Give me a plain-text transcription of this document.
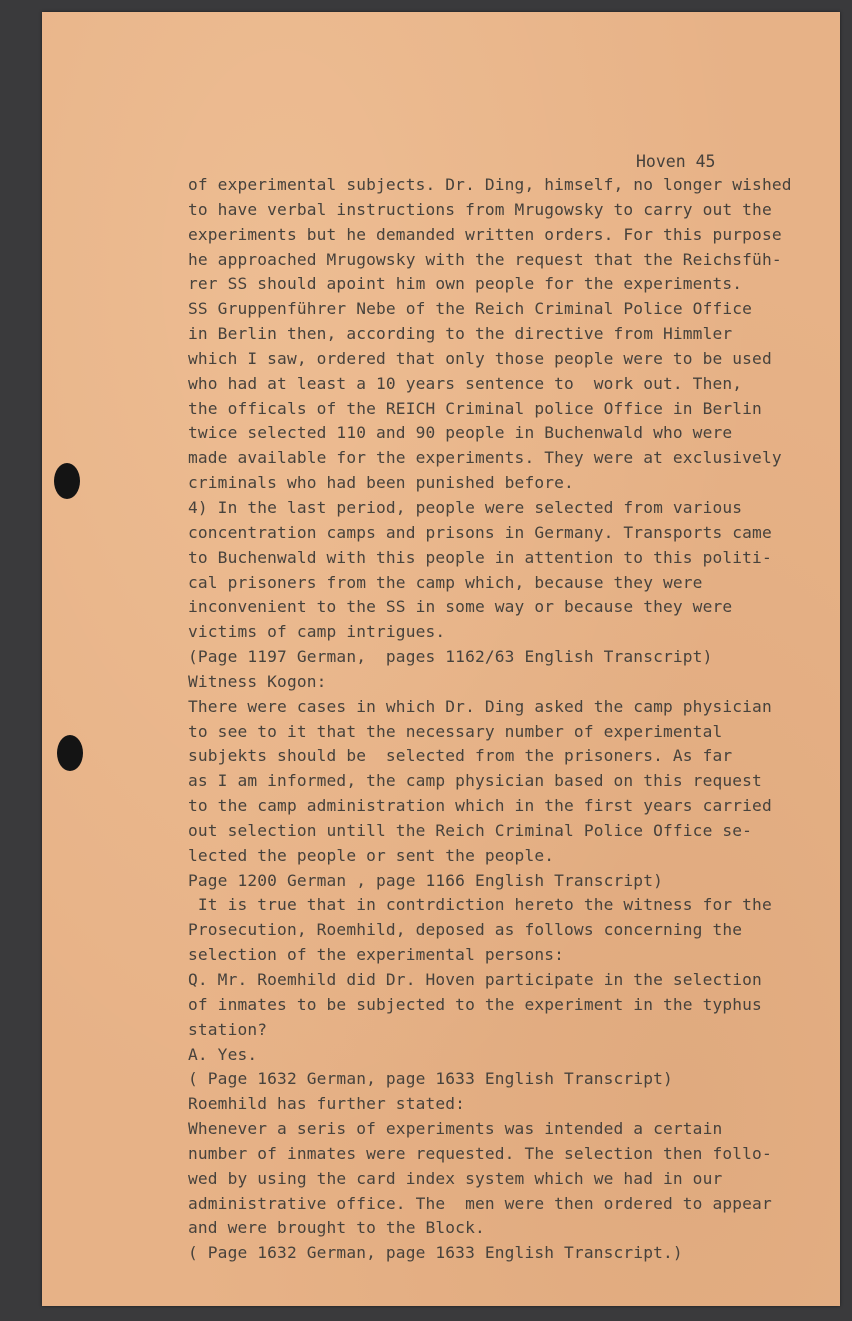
Hoven 45
of experimental subjects. Dr. Ding, himself, no longer wished
to have verbal instructions from Mrugowsky to carry out the
experiments but he demanded written orders. For this purpose
he approached Mrugowsky with the request that the Reichsfüh-
rer SS should apoint him own people for the experiments.
SS Gruppenführer Nebe of the Reich Criminal Police Office
in Berlin then, according to the directive from Himmler
which I saw, ordered that only those people were to be used
who had at least a 10 years sentence to  work out. Then,
the officals of the REICH Criminal police Office in Berlin
twice selected 110 and 90 people in Buchenwald who were
made available for the experiments. They were at exclusively
criminals who had been punished before.
4) In the last period, people were selected from various
concentration camps and prisons in Germany. Transports came
to Buchenwald with this people in attention to this politi-
cal prisoners from the camp which, because they were
inconvenient to the SS in some way or because they were
victims of camp intrigues.
(Page 1197 German,  pages 1162/63 English Transcript)
Witness Kogon:
There were cases in which Dr. Ding asked the camp physician
to see to it that the necessary number of experimental
subjekts should be  selected from the prisoners. As far
as I am informed, the camp physician based on this request
to the camp administration which in the first years carried
out selection untill the Reich Criminal Police Office se-
lected the people or sent the people.
Page 1200 German , page 1166 English Transcript)
It is true that in contrdiction hereto the witness for the
Prosecution, Roemhild, deposed as follows concerning the
selection of the experimental persons:
Q. Mr. Roemhild did Dr. Hoven participate in the selection
of inmates to be subjected to the experiment in the typhus
station?
A. Yes.
( Page 1632 German, page 1633 English Transcript)
Roemhild has further stated:
Whenever a seris of experiments was intended a certain
number of inmates were requested. The selection then follo-
wed by using the card index system which we had in our
administrative office. The  men were then ordered to appear
and were brought to the Block.
( Page 1632 German, page 1633 English Transcript.)
